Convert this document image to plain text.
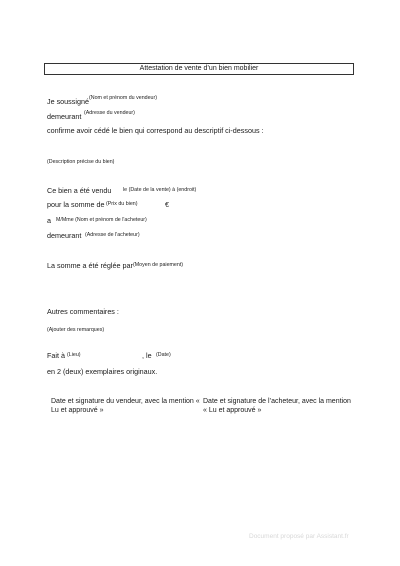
Attestation de vente d’un bien mobilier
Je soussigné (Nom et prénom du vendeur)
demeurant (Adresse du vendeur)
confirme avoir cédé le bien qui correspond au descriptif ci-dessous :
(Description précise du bien)
Ce bien a été vendu le (Date de la vente) à (endroit)
pour la somme de (Prix du bien)	€
a M/Mme (Nom et prénom de l'acheteur)
demeurant (Adresse de l'acheteur)
La somme a été réglée par (Moyen de paiement)
Autres commentaires :
(Ajouter des remarques)
Fait à (Lieu)	, le (Date)
en 2 (deux) exemplaires originaux.
Date et signature du vendeur, avec la mention « Lu et approuvé »
Date et signature de l’acheteur, avec la mention « Lu et approuvé »
Document proposé par Assistant.fr
